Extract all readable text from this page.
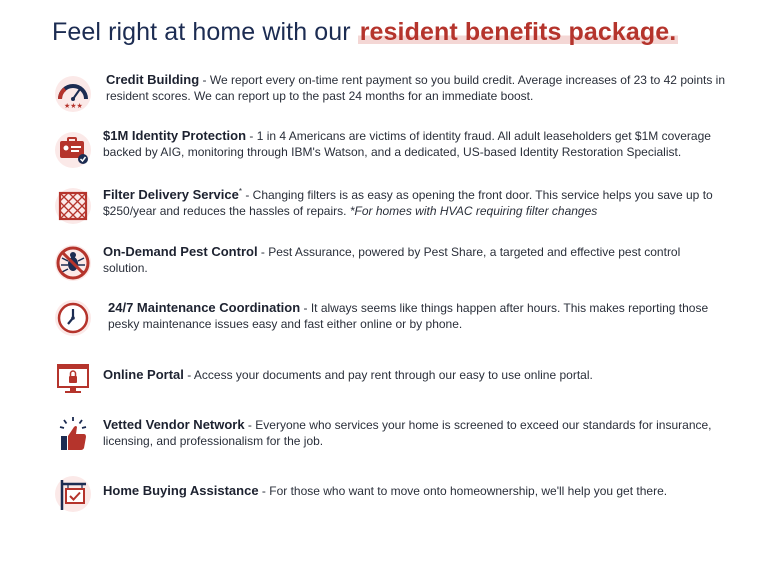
Feel right at home with our resident benefits package.
★★★
Credit Building - We report every on-time rent payment so you build credit. Average increases of 23 to 42 points in resident scores. We can report up to the past 24 months for an immediate boost.
$1M Identity Protection - 1 in 4 Americans are victims of identity fraud. All adult leaseholders get $1M coverage backed by AIG, monitoring through IBM's Watson, and a dedicated, US-based Identity Restoration Specialist.
Filter Delivery Service* - Changing filters is as easy as opening the front door. This service helps you save up to $250/year and reduces the hassles of repairs. *For homes with HVAC requiring filter changes
On-Demand Pest Control - Pest Assurance, powered by Pest Share, a targeted and effective pest control solution.
24/7 Maintenance Coordination - It always seems like things happen after hours. This makes reporting those pesky maintenance issues easy and fast either online or by phone.
Online Portal - Access your documents and pay rent through our easy to use online portal.
Vetted Vendor Network - Everyone who services your home is screened to exceed our standards for insurance, licensing, and professionalism for the job.
Home Buying Assistance - For those who want to move onto homeownership, we'll help you get there.
